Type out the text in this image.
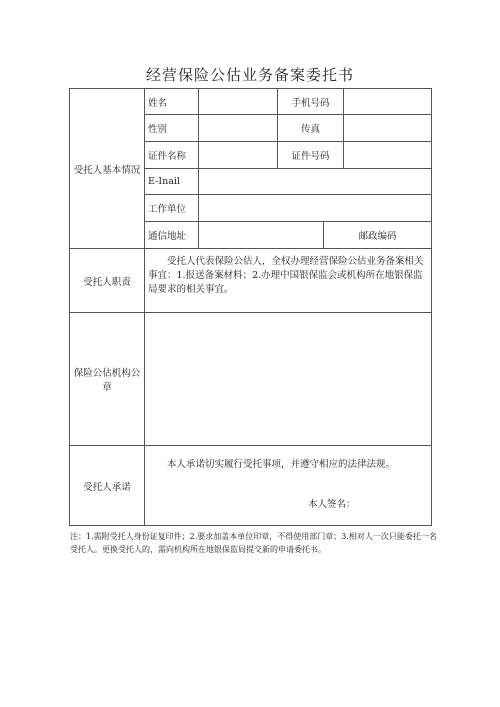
经营保险公估业务备案委托书
受托人基本情况	姓名		手机号码			
	性别		传真			
	证件名称		证件号码			
	E-Inail					
	工作单位					
	通信地址			邮政编码		
受托人职责	受托人代表保险公估人，全权办理经营保险公估业务备案相关事宜：1.报送备案材料；2.办理中国银保监会或机构所在地银保监局要求的相关事宜。					
保险公估机构公章						
受托人承诺	本人承诺切实履行受托事项，并遵守相应的法律法规。
本人签名：					
注：1.需附受托人身份证复印件；2.要求加盖本单位印章，不得使用部门章；3.相对人一次只能委托一名受托人。更换受托人的，需向机构所在地银保监局提交新的申请委托书。
